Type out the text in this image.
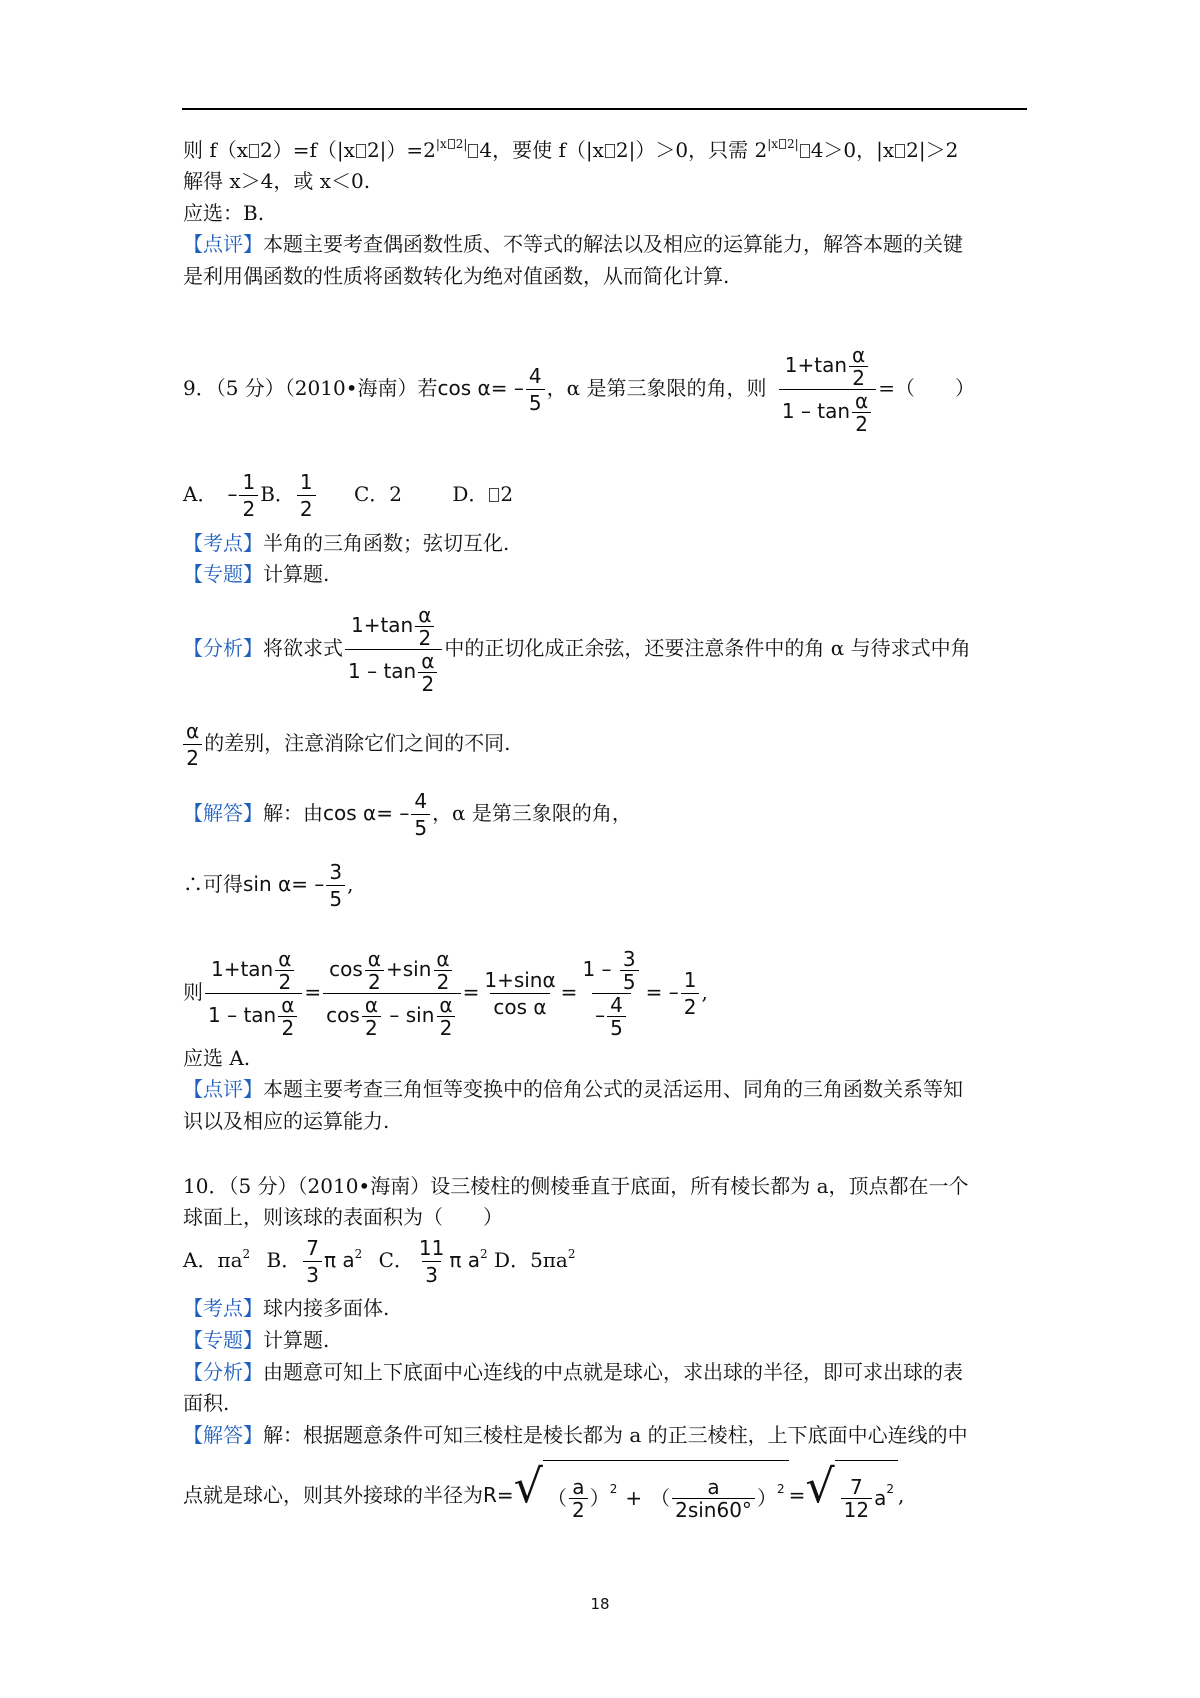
则 f（x 2）=f（|x $2|)=2^{|x 2|}$ 4，要使 f（|x 2|）＞0，只需 $2^{|x 2|}$ 4＞0，|x 2|＞2
解得 x＞4，或 x＜0.
应选：B.
【点评】本题主要考查偶函数性质、不等式的解法以及相应的运算能力，解答本题的关键
是利用偶函数的性质将函数转化为绝对值函数，从而简化计算.
9．（5 分）（2010•海南）若$\cos \alpha= - \frac{4}{5}$ ，α 是第三象限的角，则 $\frac{1+\tan \frac{\alpha}{2}}{1 - \tan \frac{\alpha}{2}}$ =（　　）
A． – $\frac{1}{2}$ B． $\frac{1}{2}$ C．2	D． 2
【考点】半角的三角函数；弦切互化.
【专题】计算题.
【分析】将欲求式 $\frac{1+\tan \frac{\alpha}{2}}{1 - \tan \frac{\alpha}{2}}$ 中的正切化成正余弦，还要注意条件中的角 α 与待求式中角
$\frac{\alpha}{2}$ 的差别，注意消除它们之间的不同.
【解答】解：由$\cos \alpha= - \frac{4}{5}$ ，α 是第三象限的角，
∴可得$\sin \alpha= - \frac{3}{5}$ ,
则 $\frac{1+\tan \frac{\alpha}{2}}{1 - \tan \frac{\alpha}{2}} = \frac{\cos \frac{\alpha}{2} +\sin \frac{\alpha}{2}}{\cos \frac{\alpha}{2} - \sin \frac{\alpha}{2}} = \frac{1+\sin\alpha}{\text{cos α}} = \frac{1 - \frac{3}{5}}{- \frac{4}{5}}$ = – $\frac{1}{2}$ ,
应选 A.
【点评】本题主要考查三角恒等变换中的倍角公式的灵活运用、同角的三角函数关系等知
识以及相应的运算能力.
10．（5 分）（2010•海南）设三棱柱的侧棱垂直于底面，所有棱长都为 a，顶点都在一个
球面上，则该球的表面积为（　　）
A．$\pi a^2$ B． $\frac{7}{3}$ π $a^2$ C． $\frac{11}{3}$ π $a^2$ D．$5\pi a^2$
【考点】球内接多面体.
【专题】计算题.
【分析】由题意可知上下底面中心连线的中点就是球心，求出球的半径，即可求出球的表
面积.
【解答】解：根据题意条件可知三棱柱是棱长都为 a 的正三棱柱，上下底面中心连线的中
点就是球心，则其外接球的半径为R= √ （ $\frac{a}{2}$ ） 2 + （ $\frac{a}{2\sin 60^\circ}$ ） 2 = √ $\frac{7}{12}$ a 2 ,
18
